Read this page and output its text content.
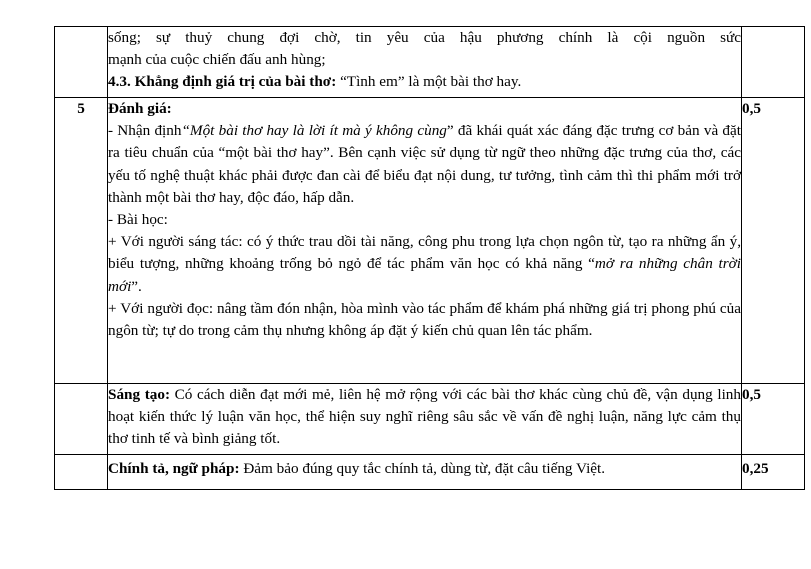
	sống; sự thuỷ chung đợi chờ, tin yêu của hậu phương chính là cội nguồn sức

mạnh của cuộc chiến đấu anh hùng;

4.3. Khẳng định giá trị của bài thơ: “Tình em” là một bài thơ hay.	

5	Đánh giá:

- Nhận định“Một bài thơ hay là lời ít mà ý không cùng” đã khái quát xác đáng đặc trưng cơ bản và đặt ra tiêu chuẩn của “một bài thơ hay”. Bên cạnh việc sử dụng từ ngữ theo những đặc trưng của thơ, các yếu tố nghệ thuật khác phải được đan cài để biểu đạt nội dung, tư tưởng, tình cảm thì thi phẩm mới trở thành một bài thơ hay, độc đáo, hấp dẫn.

- Bài học:

+ Với người sáng tác: có ý thức trau dồi tài năng, công phu trong lựa chọn ngôn từ, tạo ra những ẩn ý, biểu tượng, những khoảng trống bỏ ngỏ để tác phẩm văn học có khả năng “mở ra những chân trời mới”.

+ Với người đọc: nâng tầm đón nhận, hòa mình vào tác phẩm để khám phá những giá trị phong phú của ngôn từ; tự do trong cảm thụ nhưng không áp đặt ý kiến chủ quan lên tác phẩm.	0,5

	Sáng tạo: Có cách diễn đạt mới mẻ, liên hệ mở rộng với các bài thơ khác cùng chủ đề, vận dụng linh hoạt kiến thức lý luận văn học, thể hiện suy nghĩ riêng sâu sắc về vấn đề nghị luận, năng lực cảm thụ thơ tinh tế và bình giảng tốt.	0,5

	Chính tả, ngữ pháp: Đảm bảo đúng quy tắc chính tả, dùng từ, đặt câu tiếng Việt.	0,25
